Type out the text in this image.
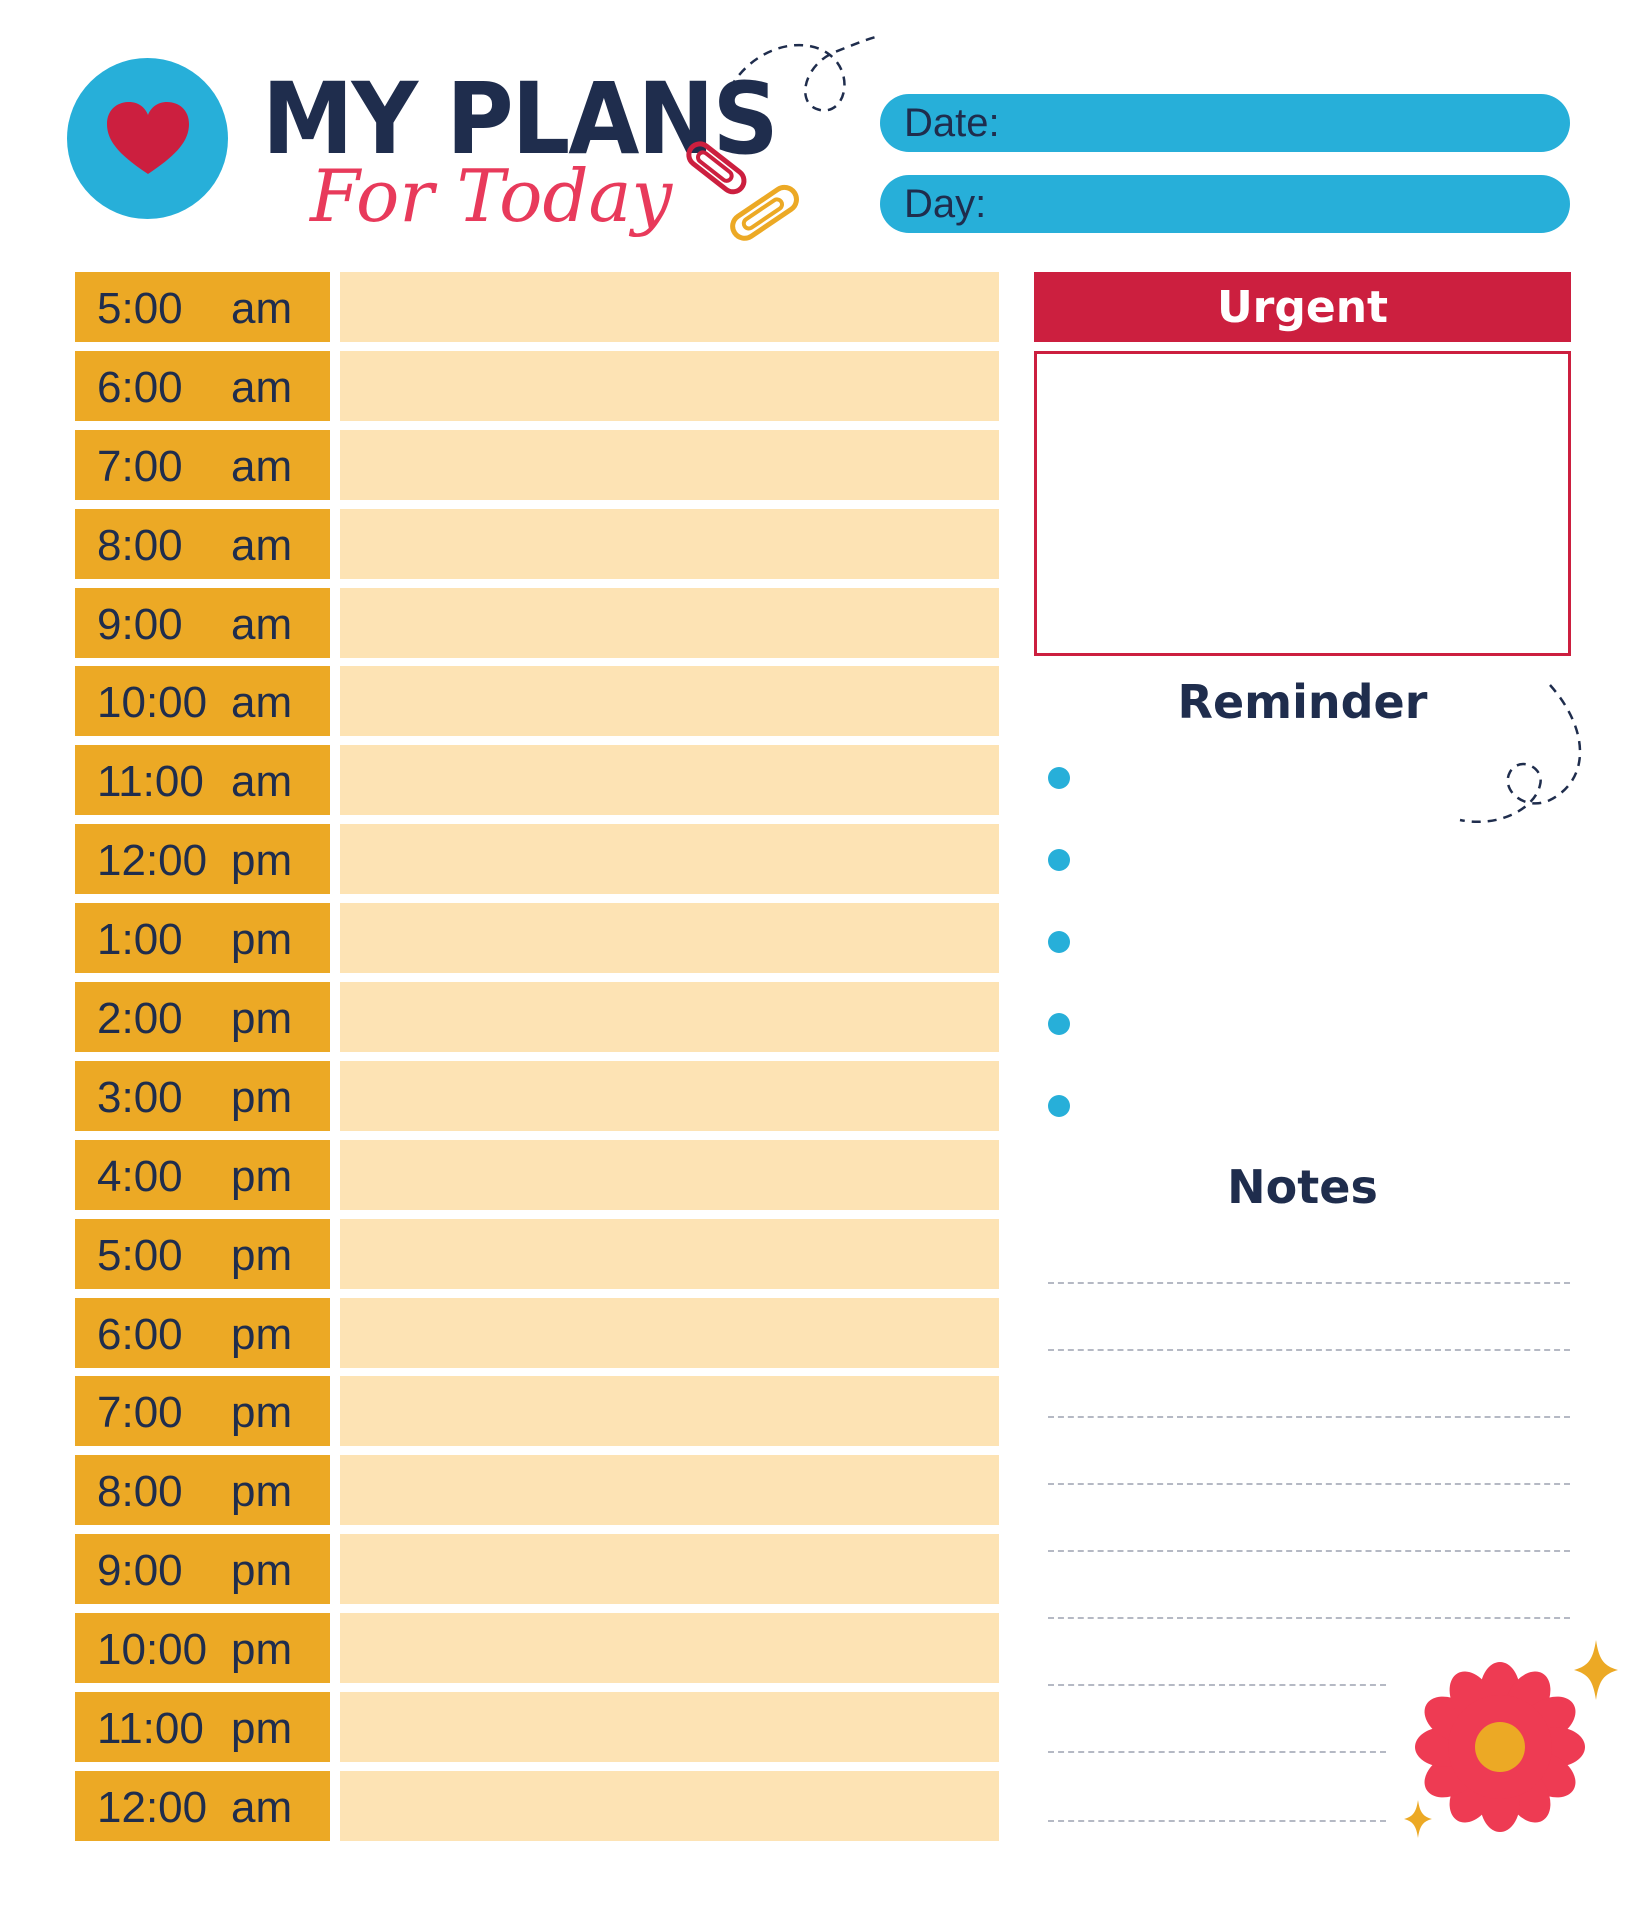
MY PLANS
For Today
Date:
Day:
5:00 am
6:00 am
7:00 am
8:00 am
9:00 am
10:00 am
11:00 am
12:00 pm
1:00 pm
2:00 pm
3:00 pm
4:00 pm
5:00 pm
6:00 pm
7:00 pm
8:00 pm
9:00 pm
10:00 pm
11:00 pm
12:00 am
Urgent
Reminder
Notes
